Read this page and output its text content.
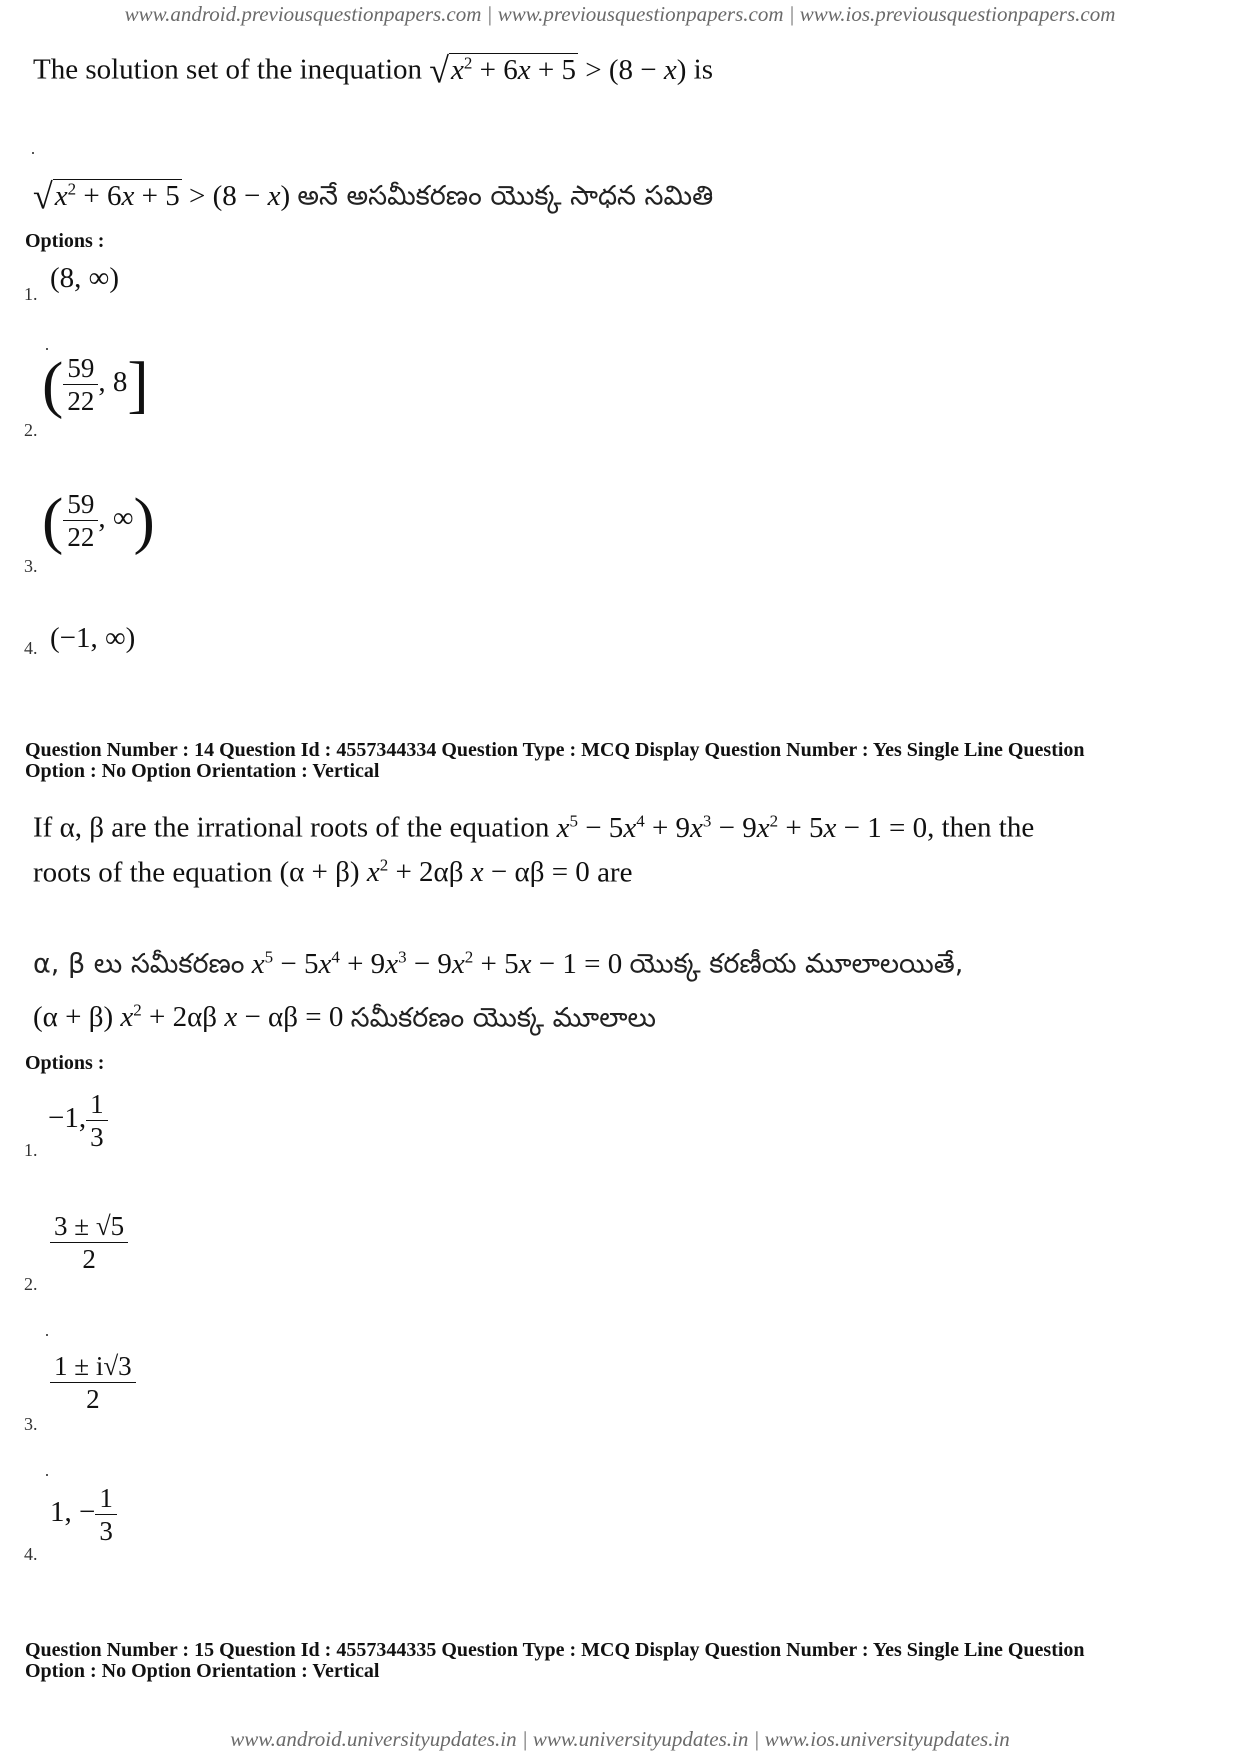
www.android.previousquestionpapers.com | www.previousquestionpapers.com | www.ios.previousquestionpapers.com
The solution set of the inequation $√x^2 + 6x + 5 > (8 - x)$ is
$√x^2 + 6x + 5 > (8 - x)$ అనే అసమీకరణం యొక్క సాధన సమితి
Options :
1. (8, ∞)
2.
( $\frac{59}{22}$ , 8]
3.
( $\frac{59}{22}$ , ∞)
4. (−1, ∞)
Question Number : 14 Question Id : 4557344334 Question Type : MCQ Display Question Number : Yes Single Line Question
Option : No Option Orientation : Vertical
If α, β are the irrational roots of the equation $x^5 - 5x^4 + 9x^3 - 9x^2 + 5x - 1 = 0$, then the
roots of the equation (α + β) $x^2 + 2\alpha\beta$ x − αβ = 0 are
α, β లు సమీకరణం $x^5 - 5x^4 + 9x^3 - 9x^2 + 5x - 1 = 0$ యొక్క కరణీయ మూలాలయితే,
(α + β) $x^2 + 2\alpha\beta$ x − αβ = 0 సమీకరణం యొక్క మూలాలు
Options :
1.
−1, $\frac{1}{3}$
2.
$\frac{3 \pm √5}{2}$
3.
$\frac{1 \pm i√3}{2}$
4.
1, − $\frac{1}{3}$
Question Number : 15 Question Id : 4557344335 Question Type : MCQ Display Question Number : Yes Single Line Question
Option : No Option Orientation : Vertical
www.android.universityupdates.in | www.universityupdates.in | www.ios.universityupdates.in
